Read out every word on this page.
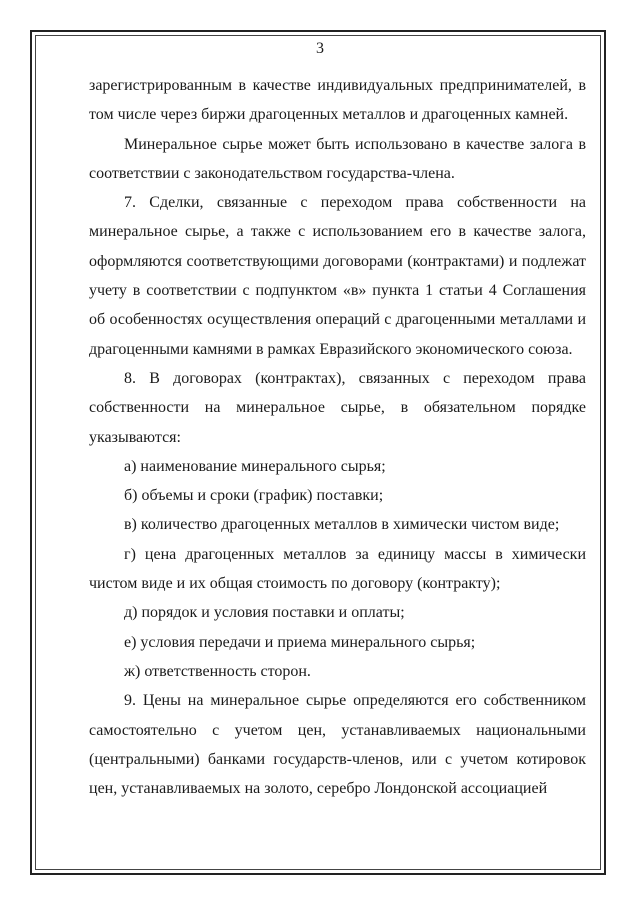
3

зарегистрированным в качестве индивидуальных предпринимателей, в том числе через биржи драгоценных металлов и драгоценных камней.

Минеральное сырье может быть использовано в качестве залога в соответствии с законодательством государства-члена.

7. Сделки, связанные с переходом права собственности на минеральное сырье, а также с использованием его в качестве залога, оформляются соответствующими договорами (контрактами) и подлежат учету в соответствии с подпунктом «в» пункта 1 статьи 4 Соглашения об особенностях осуществления операций с драгоценными металлами и драгоценными камнями в рамках Евразийского экономического союза.

8. В договорах (контрактах), связанных с переходом права собственности на минеральное сырье, в обязательном порядке указываются:

а) наименование минерального сырья;

б) объемы и сроки (график) поставки;

в) количество драгоценных металлов в химически чистом виде;

г) цена драгоценных металлов за единицу массы в химически чистом виде и их общая стоимость по договору (контракту);

д) порядок и условия поставки и оплаты;

е) условия передачи и приема минерального сырья;

ж) ответственность сторон.

9. Цены на минеральное сырье определяются его собственником самостоятельно с учетом цен, устанавливаемых национальными (центральными) банками государств-членов, или с учетом котировок цен, устанавливаемых на золото, серебро Лондонской ассоциацией
